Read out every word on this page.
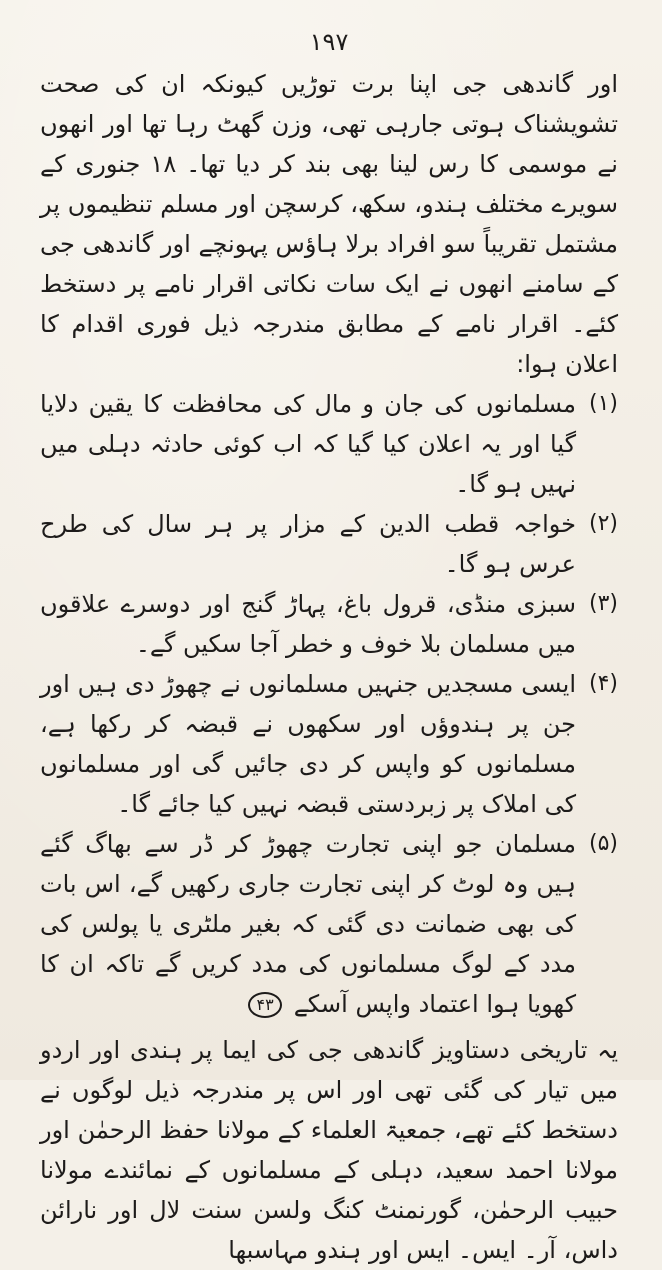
۱۹۷

اور گاندھی جی اپنا برت توڑیں کیونکہ ان کی صحت تشویشناک ہوتی جارہی تھی، وزن گھٹ رہا تھا اور انھوں نے موسمی کا رس لینا بھی بند کر دیا تھا۔ ۱۸ جنوری کے سویرے مختلف ہندو، سکھ، کرسچن اور مسلم تنظیموں پر مشتمل تقریباً سو افراد برلا ہاؤس پہونچے اور گاندھی جی کے سامنے انھوں نے ایک سات نکاتی اقرار نامے پر دستخط کئے۔ اقرار نامے کے مطابق مندرجہ ذیل فوری اقدام کا اعلان ہوا:

(۱)
مسلمانوں کی جان و مال کی محافظت کا یقین دلایا گیا اور یہ اعلان کیا گیا کہ اب کوئی حادثہ دہلی میں نہیں ہو گا۔
(۲)
خواجہ قطب الدین کے مزار پر ہر سال کی طرح عرس ہو گا۔
(۳)
سبزی منڈی، قرول باغ، پہاڑ گنج اور دوسرے علاقوں میں مسلمان بلا خوف و خطر آجا سکیں گے۔
(۴)
ایسی مسجدیں جنہیں مسلمانوں نے چھوڑ دی ہیں اور جن پر ہندوؤں اور سکھوں نے قبضہ کر رکھا ہے، مسلمانوں کو واپس کر دی جائیں گی اور مسلمانوں کی املاک پر زبردستی قبضہ نہیں کیا جائے گا۔
(۵)
مسلمان جو اپنی تجارت چھوڑ کر ڈر سے بھاگ گئے ہیں وہ لوٹ کر اپنی تجارت جاری رکھیں گے، اس بات کی بھی ضمانت دی گئی کہ بغیر ملٹری یا پولس کی مدد کے لوگ مسلمانوں کی مدد کریں گے تاکہ ان کا کھویا ہوا اعتماد واپس آسکے ۴۳

یہ تاریخی دستاویز گاندھی جی کی ایما پر ہندی اور اردو میں تیار کی گئی تھی اور اس پر مندرجہ ذیل لوگوں نے دستخط کئے تھے، جمعیۃ العلماء کے مولانا حفظ الرحمٰن اور مولانا احمد سعید، دہلی کے مسلمانوں کے نمائندے مولانا حبیب الرحمٰن، گورنمنٹ کنگ ولسن سنت لال اور نارائن داس، آر۔ ایس۔ ایس اور ہندو مہاسبھا
